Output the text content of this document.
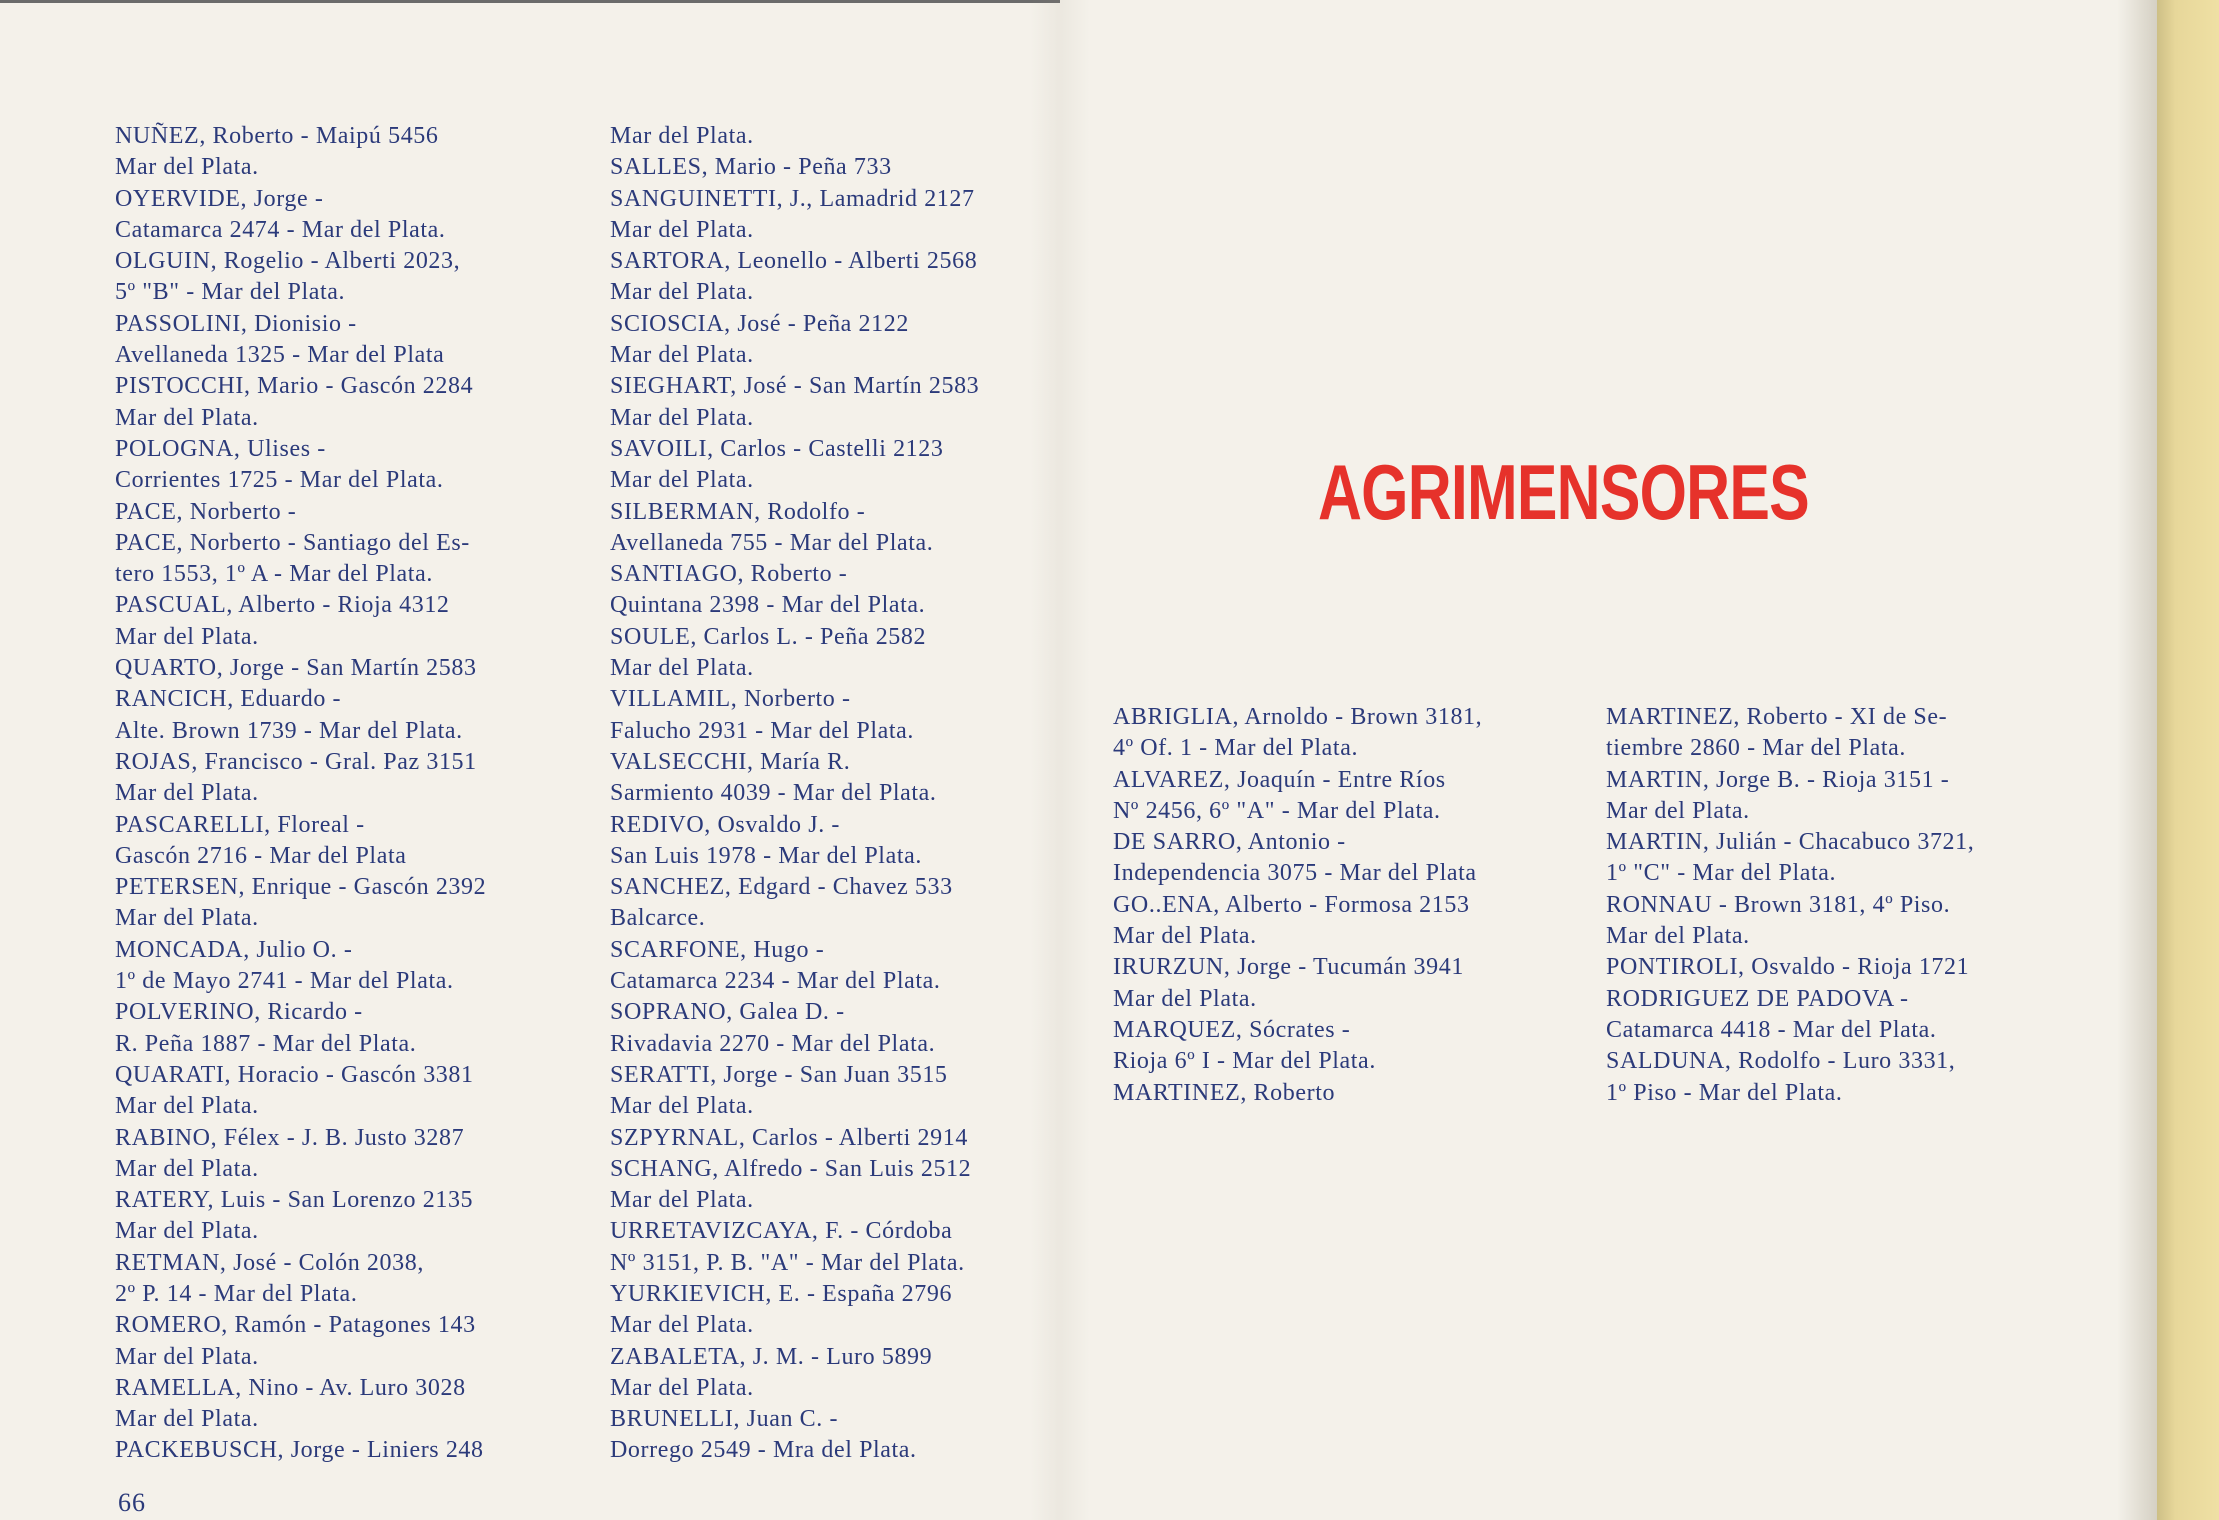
NUÑEZ, Roberto - Maipú 5456
Mar del Plata.
OYERVIDE, Jorge -
Catamarca 2474 - Mar del Plata.
OLGUIN, Rogelio - Alberti 2023,
5º "B" - Mar del Plata.
PASSOLINI, Dionisio -
Avellaneda 1325 - Mar del Plata
PISTOCCHI, Mario - Gascón 2284
Mar del Plata.
POLOGNA, Ulises -
Corrientes 1725 - Mar del Plata.
PACE, Norberto -
PACE, Norberto - Santiago del Es-
tero 1553, 1º A - Mar del Plata.
PASCUAL, Alberto - Rioja 4312
Mar del Plata.
QUARTO, Jorge - San Martín 2583
RANCICH, Eduardo -
Alte. Brown 1739 - Mar del Plata.
ROJAS, Francisco - Gral. Paz 3151
Mar del Plata.
PASCARELLI, Floreal -
Gascón 2716 - Mar del Plata
PETERSEN, Enrique - Gascón 2392
Mar del Plata.
MONCADA, Julio O. -
1º de Mayo 2741 - Mar del Plata.
POLVERINO, Ricardo -
R. Peña 1887 - Mar del Plata.
QUARATI, Horacio - Gascón 3381
Mar del Plata.
RABINO, Félex - J. B. Justo 3287
Mar del Plata.
RATERY, Luis - San Lorenzo 2135
Mar del Plata.
RETMAN, José - Colón 2038,
2º P. 14 - Mar del Plata.
ROMERO, Ramón - Patagones 143
Mar del Plata.
RAMELLA, Nino - Av. Luro 3028
Mar del Plata.
PACKEBUSCH, Jorge - Liniers 248
Mar del Plata.
SALLES, Mario - Peña 733
SANGUINETTI, J., Lamadrid 2127
Mar del Plata.
SARTORA, Leonello - Alberti 2568
Mar del Plata.
SCIOSCIA, José - Peña 2122
Mar del Plata.
SIEGHART, José - San Martín 2583
Mar del Plata.
SAVOILI, Carlos - Castelli 2123
Mar del Plata.
SILBERMAN, Rodolfo -
Avellaneda 755 - Mar del Plata.
SANTIAGO, Roberto -
Quintana 2398 - Mar del Plata.
SOULE, Carlos L. - Peña 2582
Mar del Plata.
VILLAMIL, Norberto -
Falucho 2931 - Mar del Plata.
VALSECCHI, María R.
Sarmiento 4039 - Mar del Plata.
REDIVO, Osvaldo J. -
San Luis 1978 - Mar del Plata.
SANCHEZ, Edgard - Chavez 533
Balcarce.
SCARFONE, Hugo -
Catamarca 2234 - Mar del Plata.
SOPRANO, Galea D. -
Rivadavia 2270 - Mar del Plata.
SERATTI, Jorge - San Juan 3515
Mar del Plata.
SZPYRNAL, Carlos - Alberti 2914
SCHANG, Alfredo - San Luis 2512
Mar del Plata.
URRETAVIZCAYA, F. - Córdoba
Nº 3151, P. B. "A" - Mar del Plata.
YURKIEVICH, E. - España 2796
Mar del Plata.
ZABALETA, J. M. - Luro 5899
Mar del Plata.
BRUNELLI, Juan C. -
Dorrego 2549 - Mra del Plata.
AGRIMENSORES
ABRIGLIA, Arnoldo - Brown 3181,
4º Of. 1 - Mar del Plata.
ALVAREZ, Joaquín - Entre Ríos
Nº 2456, 6º "A" - Mar del Plata.
DE SARRO, Antonio -
Independencia 3075 - Mar del Plata
GO..ENA, Alberto - Formosa 2153
Mar del Plata.
IRURZUN, Jorge - Tucumán 3941
Mar del Plata.
MARQUEZ, Sócrates -
Rioja 6º I - Mar del Plata.
MARTINEZ, Roberto
MARTINEZ, Roberto - XI de Se-
tiembre 2860 - Mar del Plata.
MARTIN, Jorge B. - Rioja 3151 -
Mar del Plata.
MARTIN, Julián - Chacabuco 3721,
1º "C" - Mar del Plata.
RONNAU - Brown 3181, 4º Piso.
Mar del Plata.
PONTIROLI, Osvaldo - Rioja 1721
RODRIGUEZ DE PADOVA -
Catamarca 4418 - Mar del Plata.
SALDUNA, Rodolfo - Luro 3331,
1º Piso - Mar del Plata.
66
